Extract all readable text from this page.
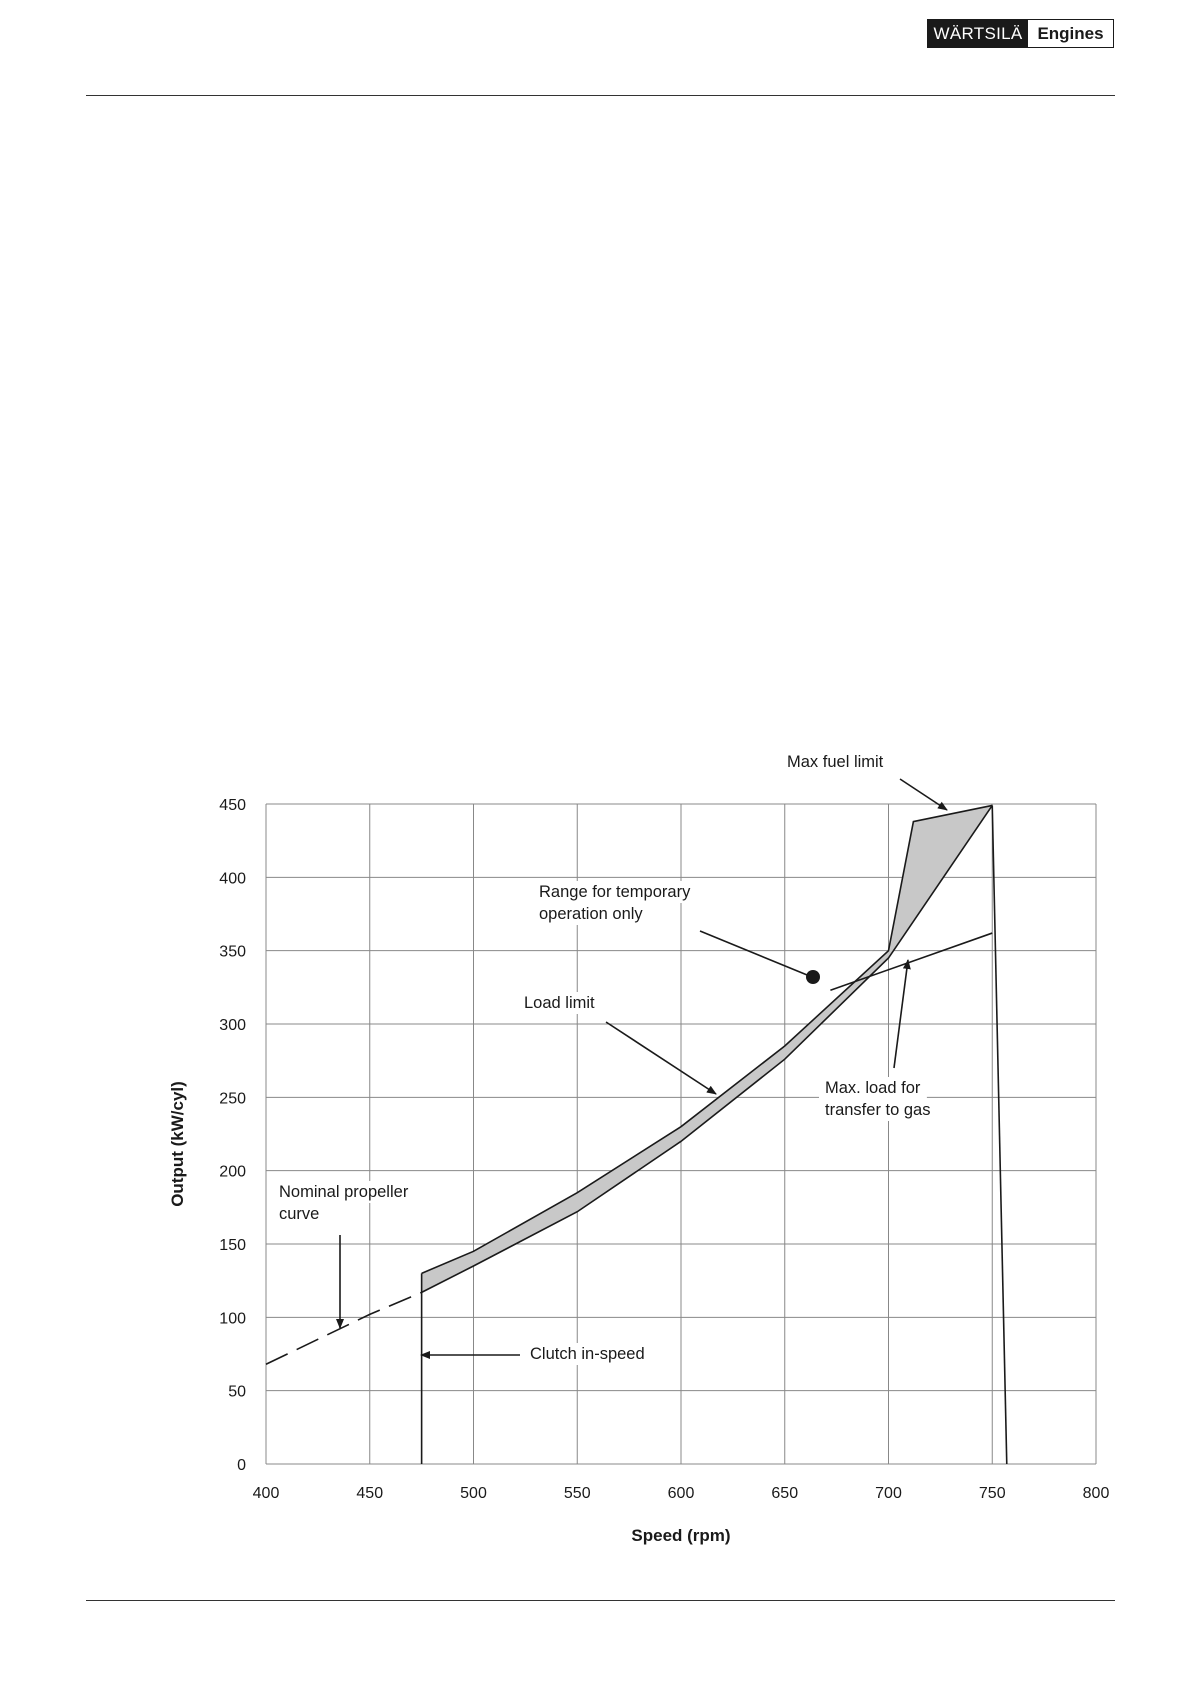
WÄRTSILÄ Engines
400	450	500	550	600	650	700	750	800
0
50
100
150
200
250
300
350
400
450
Max fuel limit
Range for temporary
operation only
Load limit
Max. load for
transfer to gas
Nominal propeller
curve
Clutch in-speed
Speed (rpm)
Output (kW/cyl)
